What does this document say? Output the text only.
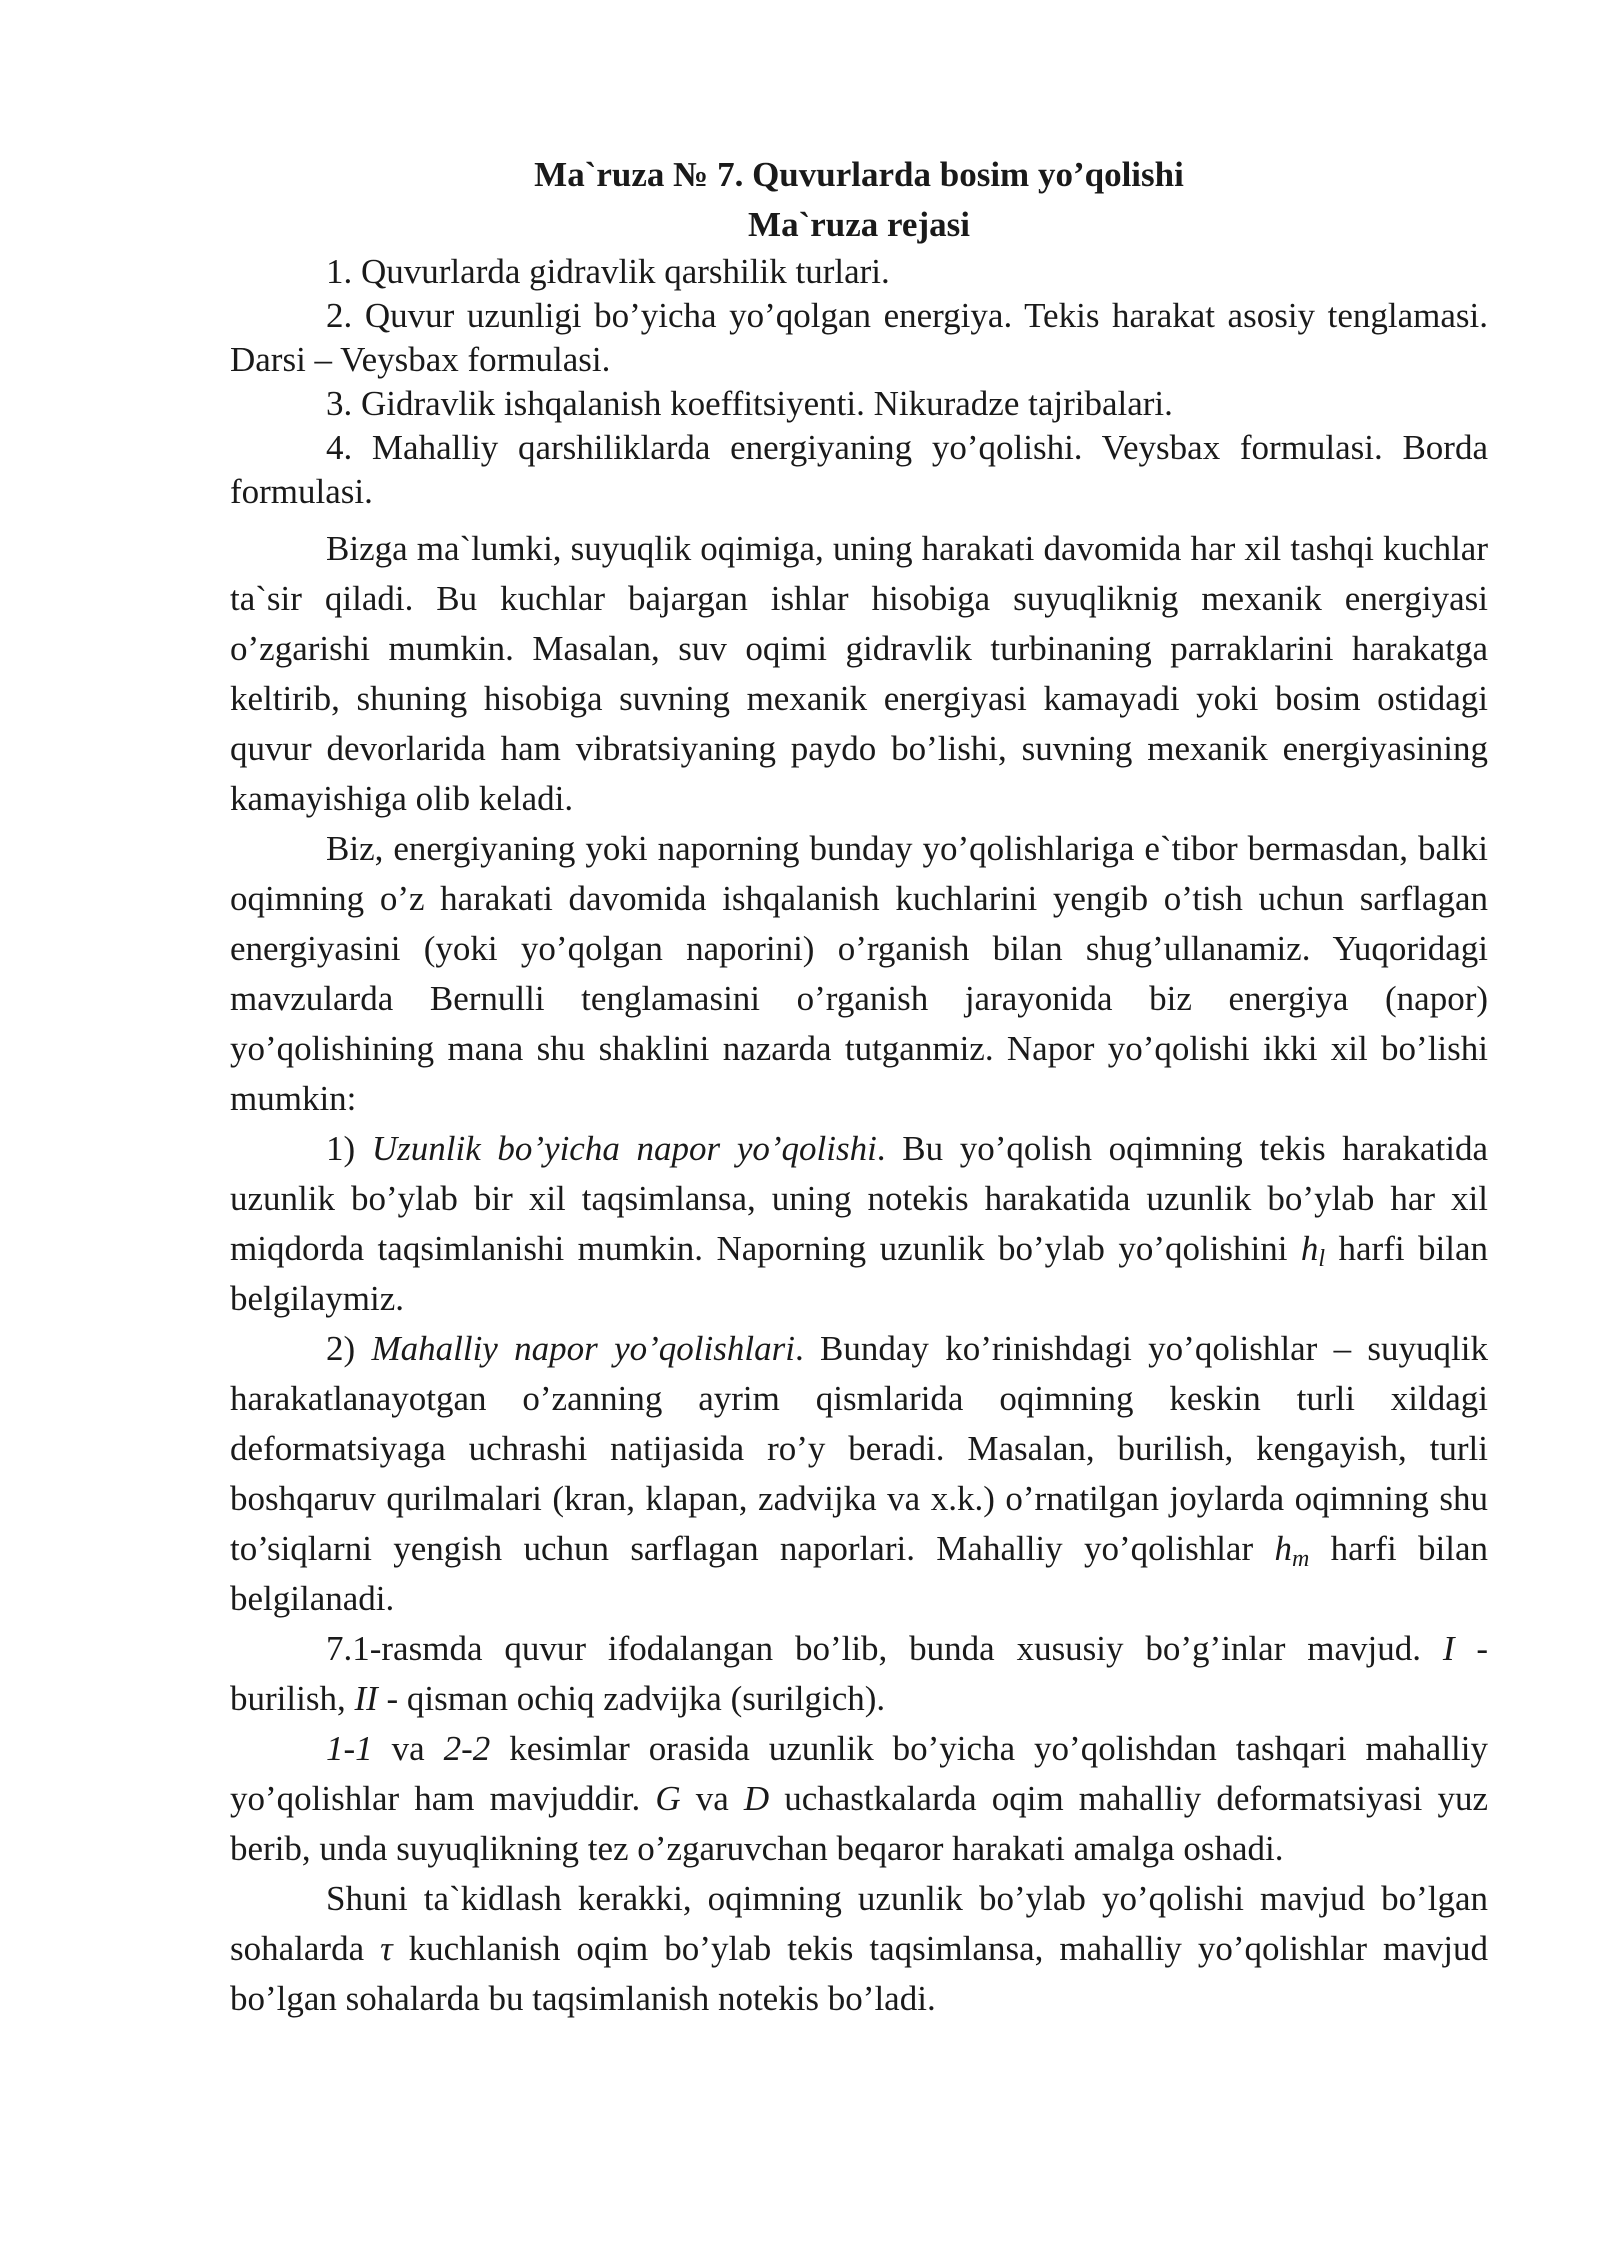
Ma`ruza № 7. Quvurlarda bosim yo’qolishi
Ma`ruza rejasi

1. Quvurlarda gidravlik qarshilik turlari.

2. Quvur uzunligi bo’yicha yo’qolgan energiya. Tekis harakat asosiy tenglamasi. Darsi – Veysbax formulasi.

3. Gidravlik ishqalanish koeffitsiyenti. Nikuradze tajribalari.

4. Mahalliy qarshiliklarda energiyaning yo’qolishi. Veysbax formulasi. Borda formulasi.

Bizga ma`lumki, suyuqlik oqimiga, uning harakati davomida har xil tashqi kuchlar ta`sir qiladi. Bu kuchlar bajargan ishlar hisobiga suyuqliknig mexanik energiyasi o’zgarishi mumkin. Masalan, suv oqimi gidravlik turbinaning parraklarini harakatga keltirib, shuning hisobiga suvning mexanik energiyasi kamayadi yoki bosim ostidagi quvur devorlarida ham vibratsiyaning paydo bo’lishi, suvning mexanik energiyasining kamayishiga olib keladi.

Biz, energiyaning yoki naporning bunday yo’qolishlariga e`tibor bermasdan, balki oqimning o’z harakati davomida ishqalanish kuchlarini yengib o’tish uchun sarflagan energiyasini (yoki yo’qolgan naporini) o’rganish bilan shug’ullanamiz. Yuqoridagi mavzularda Bernulli tenglamasini o’rganish jarayonida biz energiya (napor) yo’qolishining mana shu shaklini nazarda tutganmiz. Napor yo’qolishi ikki xil bo’lishi mumkin:

1) Uzunlik bo’yicha napor yo’qolishi. Bu yo’qolish oqimning tekis harakatida uzunlik bo’ylab bir xil taqsimlansa, uning notekis harakatida uzunlik bo’ylab har xil miqdorda taqsimlanishi mumkin. Naporning uzunlik bo’ylab yo’qolishini $h_l$ harfi bilan belgilaymiz.

2) Mahalliy napor yo’qolishlari. Bunday ko’rinishdagi yo’qolishlar – suyuqlik harakatlanayotgan o’zanning ayrim qismlarida oqimning keskin turli xildagi deformatsiyaga uchrashi natijasida ro’y beradi. Masalan, burilish, kengayish, turli boshqaruv qurilmalari (kran, klapan, zadvijka va x.k.) o’rnatilgan joylarda oqimning shu to’siqlarni yengish uchun sarflagan naporlari. Mahalliy yo’qolishlar $h_m$ harfi bilan belgilanadi.

7.1-rasmda quvur ifodalangan bo’lib, bunda xususiy bo’g’inlar mavjud. I - burilish, II - qisman ochiq zadvijka (surilgich).

1-1 va 2-2 kesimlar orasida uzunlik bo’yicha yo’qolishdan tashqari mahalliy yo’qolishlar ham mavjuddir. G va D uchastkalarda oqim mahalliy deformatsiyasi yuz berib, unda suyuqlikning tez o’zgaruvchan beqaror harakati amalga oshadi.

Shuni ta`kidlash kerakki, oqimning uzunlik bo’ylab yo’qolishi mavjud bo’lgan sohalarda τ kuchlanish oqim bo’ylab tekis taqsimlansa, mahalliy yo’qolishlar mavjud bo’lgan sohalarda bu taqsimlanish notekis bo’ladi.
